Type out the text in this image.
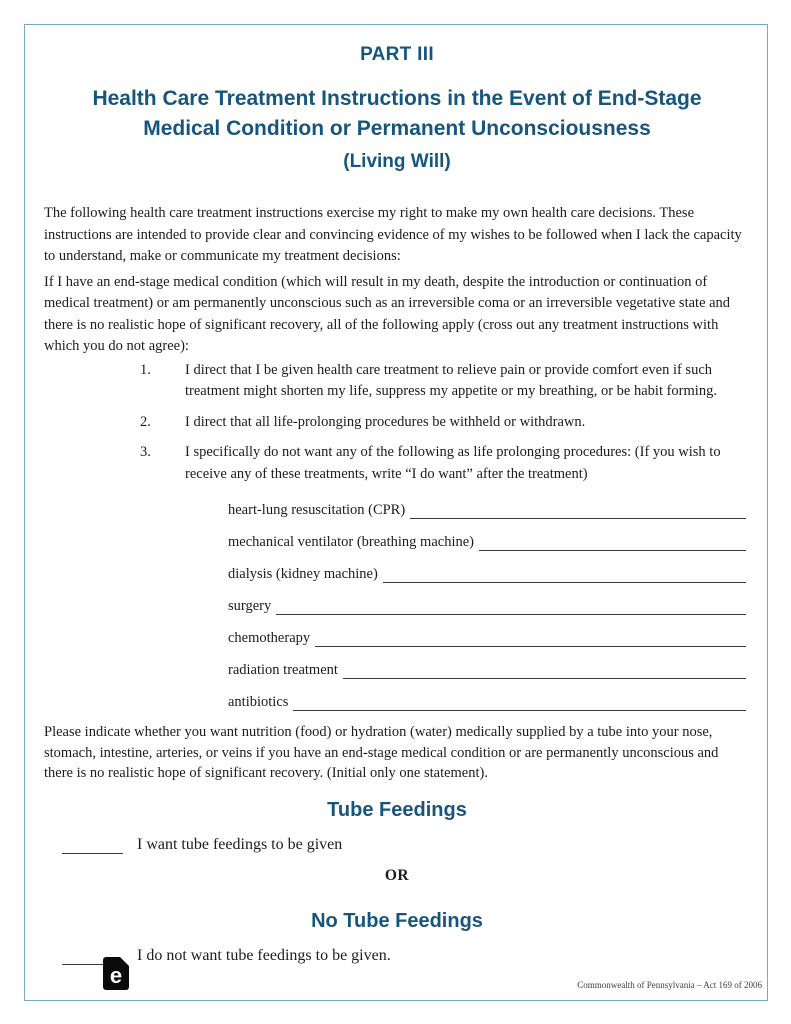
PART III
Health Care Treatment Instructions in the Event of End-Stage
Medical Condition or Permanent Unconsciousness
(Living Will)

The following health care treatment instructions exercise my right to make my own health care decisions. These instructions are intended to provide clear and convincing evidence of my wishes to be followed when I lack the capacity to understand, make or communicate my treatment decisions:

If I have an end-stage medical condition (which will result in my death, despite the introduction or continuation of medical treatment) or am permanently unconscious such as an irreversible coma or an irreversible vegetative state and there is no realistic hope of significant recovery, all of the following apply (cross out any treatment instructions with which you do not agree):

1.	I direct that I be given health care treatment to relieve pain or provide comfort even if such treatment might shorten my life, suppress my appetite or my breathing, or be habit forming.
2.	I direct that all life-prolonging procedures be withheld or withdrawn.
3.	I specifically do not want any of the following as life prolonging procedures: (If you wish to receive any of these treatments, write “I do want” after the treatment)
heart-lung resuscitation (CPR)
mechanical ventilator (breathing machine)
dialysis (kidney machine)
surgery
chemotherapy
radiation treatment
antibiotics

Please indicate whether you want nutrition (food) or hydration (water) medically supplied by a tube into your nose, stomach, intestine, arteries, or veins if you have an end-stage medical condition or are permanently unconscious and there is no realistic hope of significant recovery. (Initial only one statement).

Tube Feedings
I want tube feedings to be given
OR
No Tube Feedings
I do not want tube feedings to be given.
e	Commonwealth of Pennsylvania – Act 169 of 2006
